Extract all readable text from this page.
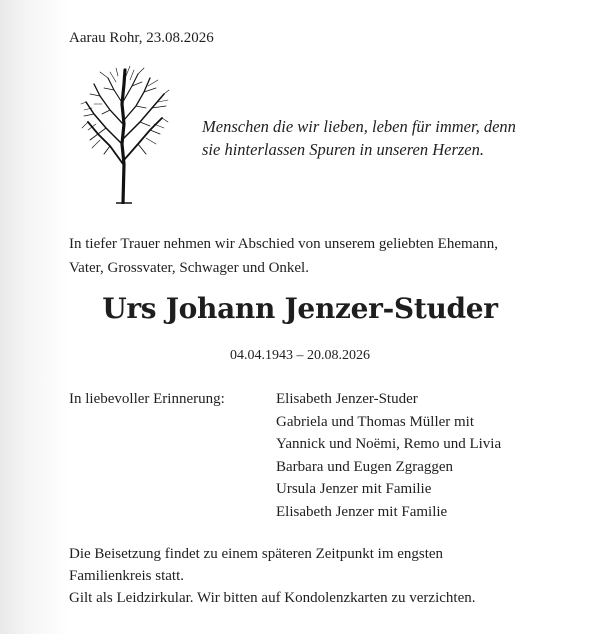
Aarau Rohr, 23.08.2026
Menschen die wir lieben, leben für immer, denn
sie hinterlassen Spuren in unseren Herzen.
In tiefer Trauer nehmen wir Abschied von unserem geliebten Ehemann,
Vater, Grossvater, Schwager und Onkel.
Urs Johann Jenzer-Studer
04.04.1943 – 20.08.2026
In liebevoller Erinnerung:	Elisabeth Jenzer-Studer
Gabriela und Thomas Müller mit
Yannick und Noëmi, Remo und Livia
Barbara und Eugen Zgraggen
Ursula Jenzer mit Familie
Elisabeth Jenzer mit Familie
Die Beisetzung findet zu einem späteren Zeitpunkt im engsten
Familienkreis statt.
Gilt als Leidzirkular. Wir bitten auf Kondolenzkarten zu verzichten.
